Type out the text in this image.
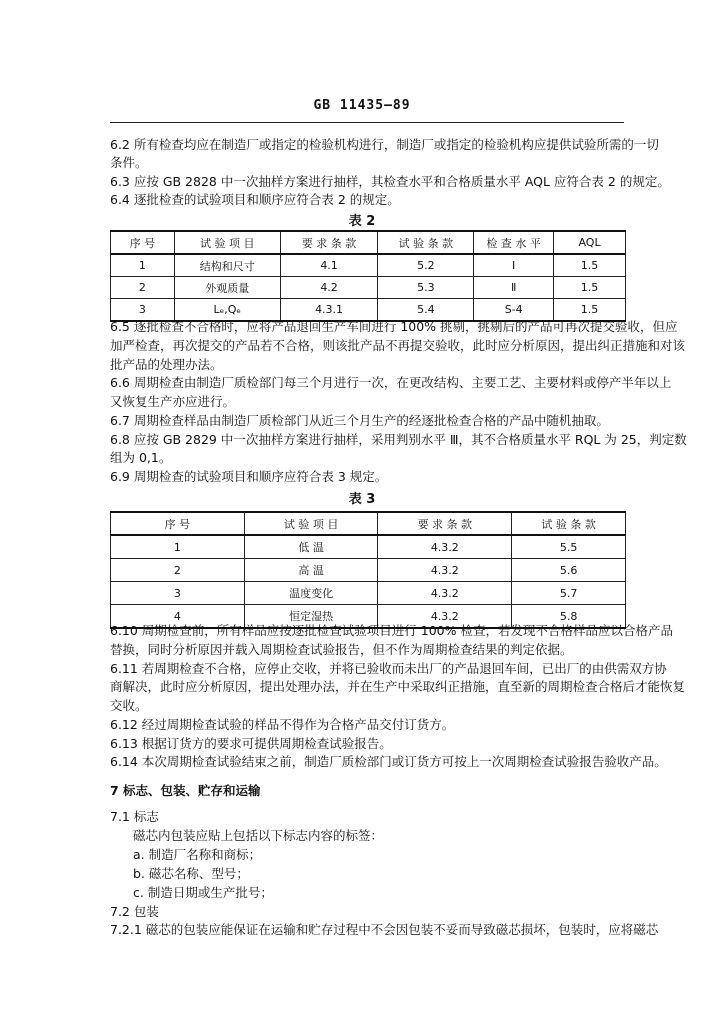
GB 11435—89
6.2 所有检查均应在制造厂或指定的检验机构进行，制造厂或指定的检验机构应提供试验所需的一切
条件。
6.3 应按 GB 2828 中一次抽样方案进行抽样，其检查水平和合格质量水平 AQL 应符合表 2 的规定。
6.4 逐批检查的试验项目和顺序应符合表 2 的规定。
表 2
序 号	试 验 项 目	要 求 条 款	试 验 条 款	检 查 水 平	AQL
1	结构和尺寸	4.1	5.2	Ⅰ	1.5
2	外观质量	4.2	5.3	Ⅱ	1.5
3	Lₑ,Qₑ	4.3.1	5.4	S-4	1.5
6.5 逐批检查不合格时，应将产品退回生产车间进行 100% 挑剔，挑剔后的产品可再次提交验收，但应
加严检查，再次提交的产品若不合格，则该批产品不再提交验收，此时应分析原因，提出纠正措施和对该
批产品的处理办法。
6.6 周期检查由制造厂质检部门每三个月进行一次，在更改结构、主要工艺、主要材料或停产半年以上
又恢复生产亦应进行。
6.7 周期检查样品由制造厂质检部门从近三个月生产的经逐批检查合格的产品中随机抽取。
6.8 应按 GB 2829 中一次抽样方案进行抽样，采用判别水平 Ⅲ，其不合格质量水平 RQL 为 25，判定数
组为 0,1。
6.9 周期检查的试验项目和顺序应符合表 3 规定。
表 3
序 号	试 验 项 目	要 求 条 款	试 验 条 款
1	低 温	4.3.2	5.5
2	高 温	4.3.2	5.6
3	温度变化	4.3.2	5.7
4	恒定湿热	4.3.2	5.8
6.10 周期检查前，所有样品应按逐批检查试验项目进行 100% 检查，若发现不合格样品应以合格产品
替换，同时分析原因并载入周期检查试验报告，但不作为周期检查结果的判定依据。
6.11 若周期检查不合格，应停止交收，并将已验收而未出厂的产品退回车间，已出厂的由供需双方协
商解决，此时应分析原因，提出处理办法，并在生产中采取纠正措施，直至新的周期检查合格后才能恢复
交收。
6.12 经过周期检查试验的样品不得作为合格产品交付订货方。
6.13 根据订货方的要求可提供周期检查试验报告。
6.14 本次周期检查试验结束之前，制造厂质检部门或订货方可按上一次周期检查试验报告验收产品。
7 标志、包装、贮存和运输
7.1 标志
磁芯内包装应贴上包括以下标志内容的标签：
a. 制造厂名称和商标；
b. 磁芯名称、型号；
c. 制造日期或生产批号；
7.2 包装
7.2.1 磁芯的包装应能保证在运输和贮存过程中不会因包装不妥而导致磁芯损坏，包装时，应将磁芯
